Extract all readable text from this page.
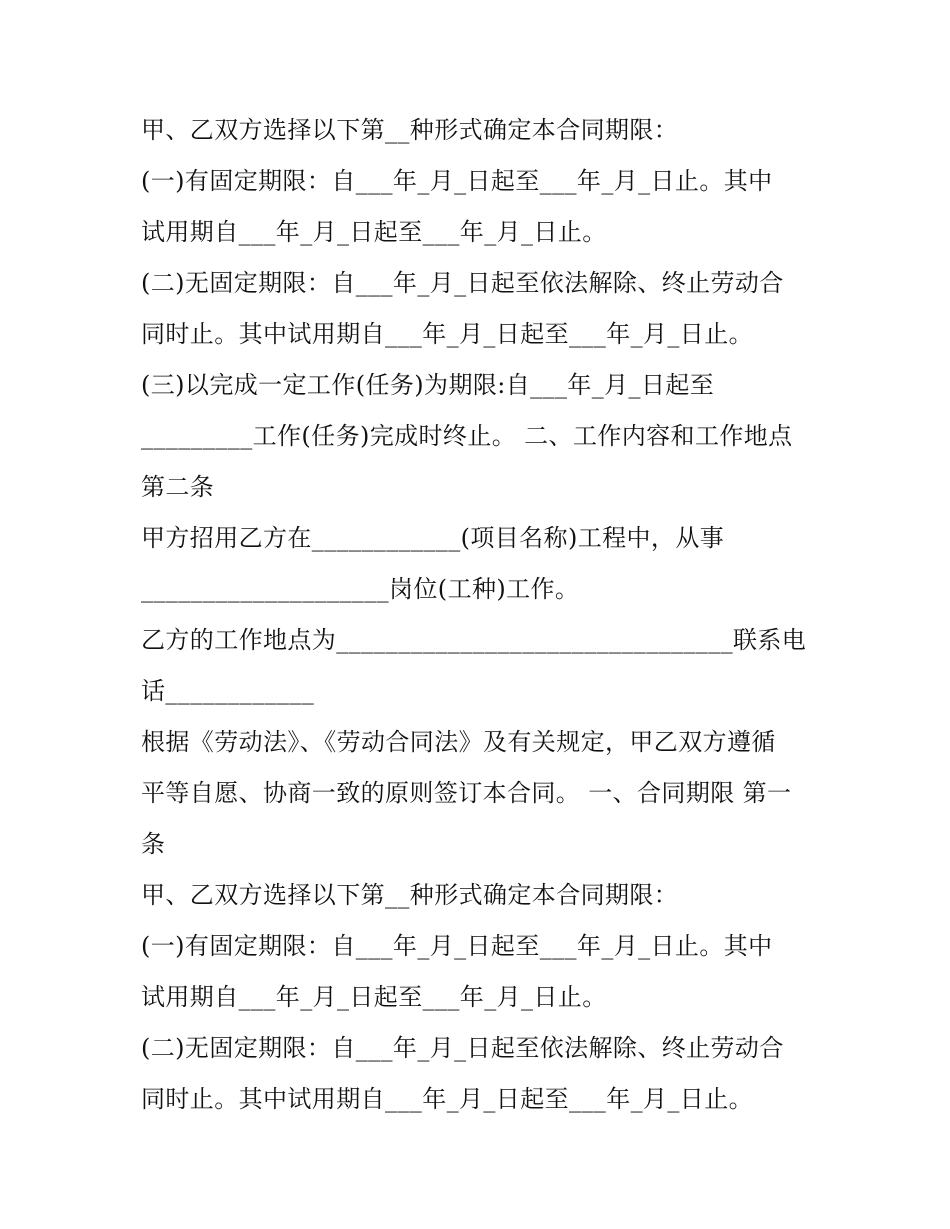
甲、乙双方选择以下第__种形式确定本合同期限：

(一)有固定期限：自___年_月_日起至___年_月_日止。其中

试用期自___年_月_日起至___年_月_日止。

(二)无固定期限：自___年_月_日起至依法解除、终止劳动合

同时止。其中试用期自___年_月_日起至___年_月_日止。

(三)以完成一定工作(任务)为期限:自___年_月_日起至

_________工作(任务)完成时终止。 二、工作内容和工作地点

第二条

甲方招用乙方在____________(项目名称)工程中，从事

____________________岗位(工种)工作。

乙方的工作地点为________________________________联系电

话____________

根据《劳动法》、《劳动合同法》及有关规定，甲乙双方遵循

平等自愿、协商一致的原则签订本合同。 一、合同期限 第一

条

甲、乙双方选择以下第__种形式确定本合同期限：

(一)有固定期限：自___年_月_日起至___年_月_日止。其中

试用期自___年_月_日起至___年_月_日止。

(二)无固定期限：自___年_月_日起至依法解除、终止劳动合

同时止。其中试用期自___年_月_日起至___年_月_日止。
